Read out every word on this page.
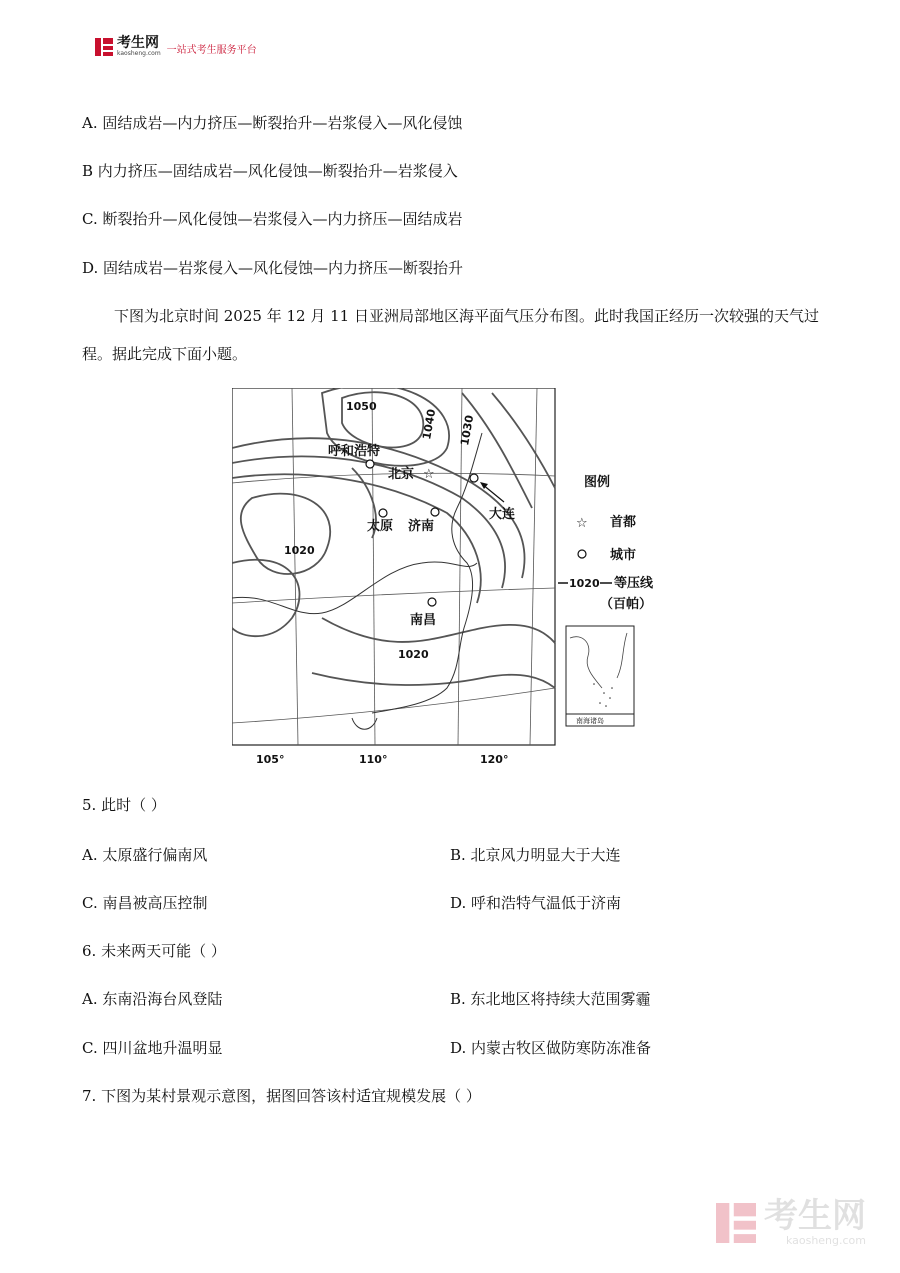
考生网
kaosheng.com 一站式考生服务平台
A. 固结成岩—内力挤压—断裂抬升—岩浆侵入—风化侵蚀
B 内力挤压—固结成岩—风化侵蚀—断裂抬升—岩浆侵入
C. 断裂抬升—风化侵蚀—岩浆侵入—内力挤压—固结成岩
D. 固结成岩—岩浆侵入—风化侵蚀—内力挤压—断裂抬升
下图为北京时间 2025 年 12 月 11 日亚洲局部地区海平面气压分布图。此时我国正经历一次较强的天气过程。据此完成下面小题。
1050
1040 1030
1020
1020
呼和浩特
☆
北京
大连
太原 济南
南昌
105°	110°	120°
图例
☆ 首都
城市
1020 等压线
（百帕）
南海诸岛
5. 此时（ ）
A. 太原盛行偏南风	B. 北京风力明显大于大连
C. 南昌被高压控制	D. 呼和浩特气温低于济南
6. 未来两天可能（ ）
A. 东南沿海台风登陆	B. 东北地区将持续大范围雾霾
C. 四川盆地升温明显	D. 内蒙古牧区做防寒防冻准备
7. 下图为某村景观示意图，据图回答该村适宜规模发展（ ）
考生网
kaosheng.com
